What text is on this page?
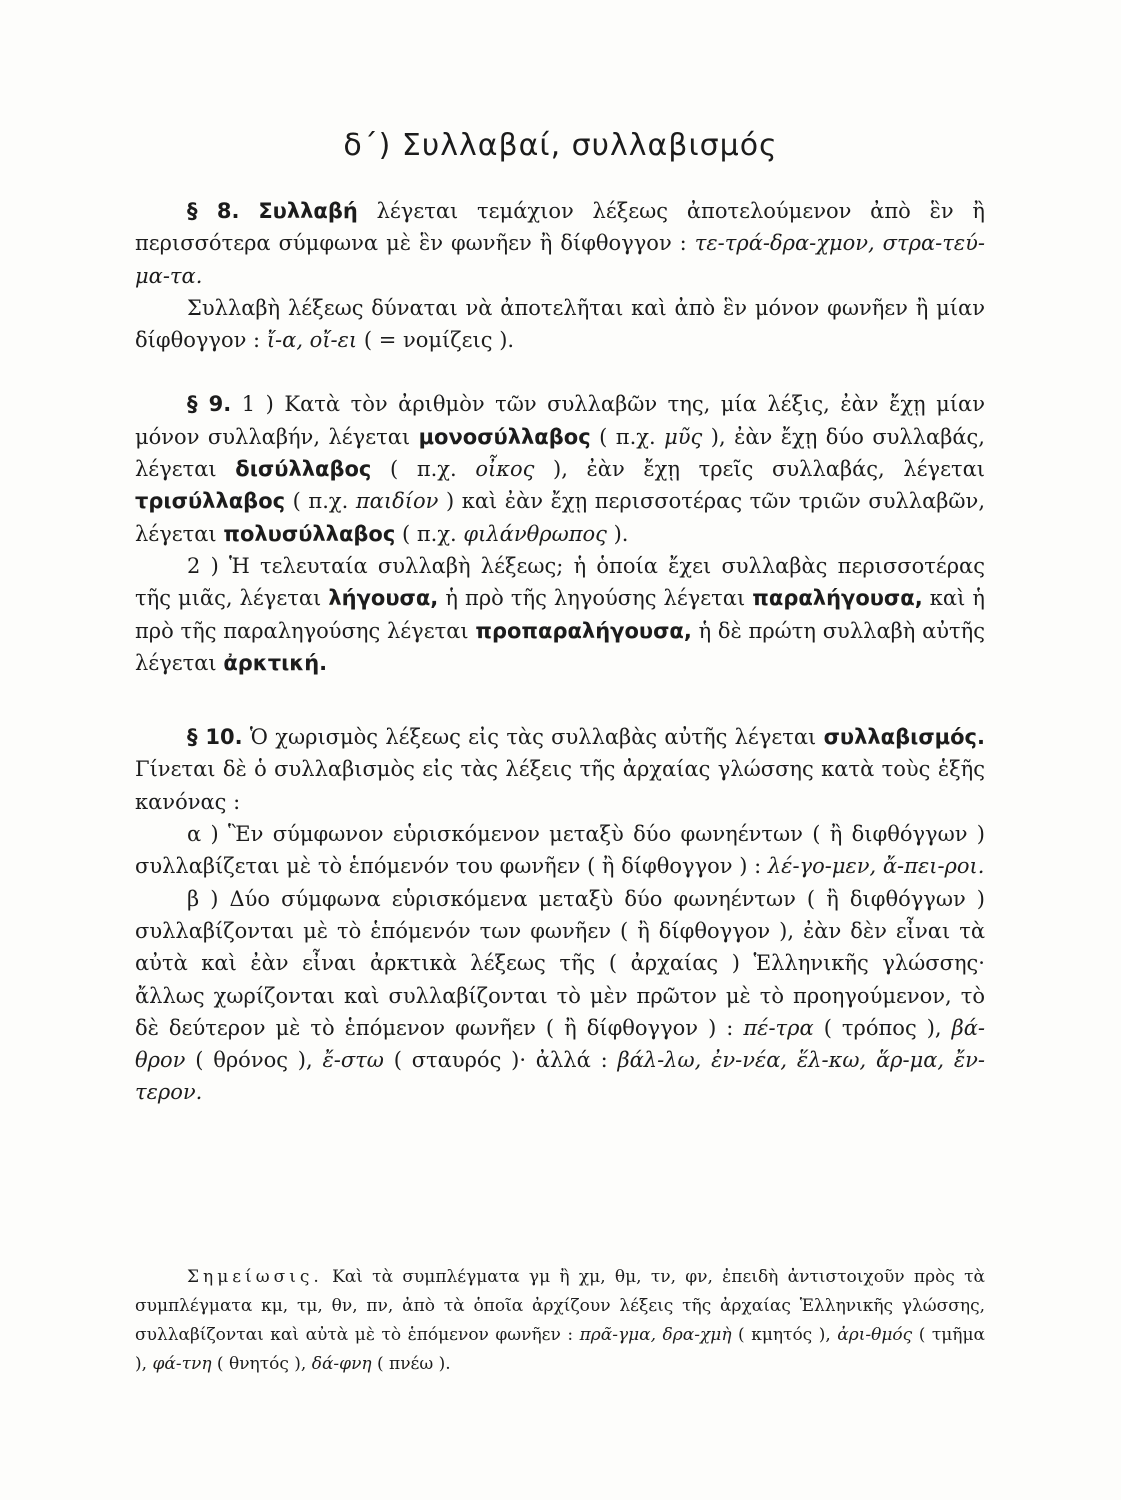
δ΄) Συλλαβαί, συλλαβισμός

§ 8. Συλλαβή λέγεται τεμάχιον λέξεως ἀποτελούμενον ἀπὸ ἓν ἢ περισσότερα σύμφωνα μὲ ἓν φωνῆεν ἢ δίφθογγον : τε-τρά-δρα-χμον, στρα-τεύ-μα-τα.

Συλλαβὴ λέξεως δύναται νὰ ἀποτελῆται καὶ ἀπὸ ἓν μόνον φωνῆεν ἢ μίαν δίφθογγον : ἴ-α, οἴ-ει ( = νομίζεις ).

§ 9. 1 ) Κατὰ τὸν ἀριθμὸν τῶν συλλαβῶν της, μία λέξις, ἐὰν ἔχῃ μίαν μόνον συλλαβήν, λέγεται μονοσύλλαβος ( π.χ. μῦς ), ἐὰν ἔχῃ δύο συλλαβάς, λέγεται δισύλλαβος ( π.χ. οἶκος ), ἐὰν ἔχῃ τρεῖς συλλαβάς, λέγεται τρισύλλαβος ( π.χ. παιδίον ) καὶ ἐὰν ἔχῃ περισσοτέρας τῶν τριῶν συλλαβῶν, λέγεται πολυσύλλαβος ( π.χ. φιλάνθρωπος ).

2 ) Ἡ τελευταία συλλαβὴ λέξεως; ἡ ὁποία ἔχει συλλαβὰς περισσοτέρας τῆς μιᾶς, λέγεται λήγουσα, ἡ πρὸ τῆς ληγούσης λέγεται παραλήγουσα, καὶ ἡ πρὸ τῆς παραληγούσης λέγεται προπαραλήγουσα, ἡ δὲ πρώτη συλλαβὴ αὐτῆς λέγεται ἀρκτική.

§ 10. Ὁ χωρισμὸς λέξεως εἰς τὰς συλλαβὰς αὐτῆς λέγεται συλλαβισμός. Γίνεται δὲ ὁ συλλαβισμὸς εἰς τὰς λέξεις τῆς ἀρχαίας γλώσσης κατὰ τοὺς ἑξῆς κανόνας :

α ) Ἓν σύμφωνον εὑρισκόμενον μεταξὺ δύο φωνηέντων ( ἢ διφθόγγων ) συλλαβίζεται μὲ τὸ ἑπόμενόν του φωνῆεν ( ἢ δίφθογγον ) : λέ-γο-μεν, ἄ-πει-ροι.

β ) Δύο σύμφωνα εὑρισκόμενα μεταξὺ δύο φωνηέντων ( ἢ διφθόγγων ) συλλαβίζονται μὲ τὸ ἑπόμενόν των φωνῆεν ( ἢ δίφθογγον ), ἐὰν δὲν εἶναι τὰ αὐτὰ καὶ ἐὰν εἶναι ἀρκτικὰ λέξεως τῆς ( ἀρχαίας ) Ἑλληνικῆς γλώσσης· ἄλλως χωρίζονται καὶ συλλαβίζονται τὸ μὲν πρῶτον μὲ τὸ προηγούμενον, τὸ δὲ δεύτερον μὲ τὸ ἑπόμενον φωνῆεν ( ἢ δίφθογγον ) : πέ-τρα ( τρόπος ), βά-θρον ( θρόνος ), ἔ-στω ( σταυρός )· ἀλλά : βάλ-λω, ἐν-νέα, ἕλ-κω, ἅρ-μα, ἔν-τερον.

Σημείωσις. Καὶ τὰ συμπλέγματα γμ ἢ χμ, θμ, τν, φν, ἐπειδὴ ἀντιστοιχοῦν πρὸς τὰ συμπλέγματα κμ, τμ, θν, πν, ἀπὸ τὰ ὁποῖα ἀρχίζουν λέξεις τῆς ἀρχαίας Ἑλληνικῆς γλώσσης, συλλαβίζονται καὶ αὐτὰ μὲ τὸ ἑπόμενον φωνῆεν : πρᾶ-γμα, δρα-χμὴ ( κμητός ), ἀρι-θμός ( τμῆμα ), φά-τνη ( θνητός ), δά-φνη ( πνέω ).
